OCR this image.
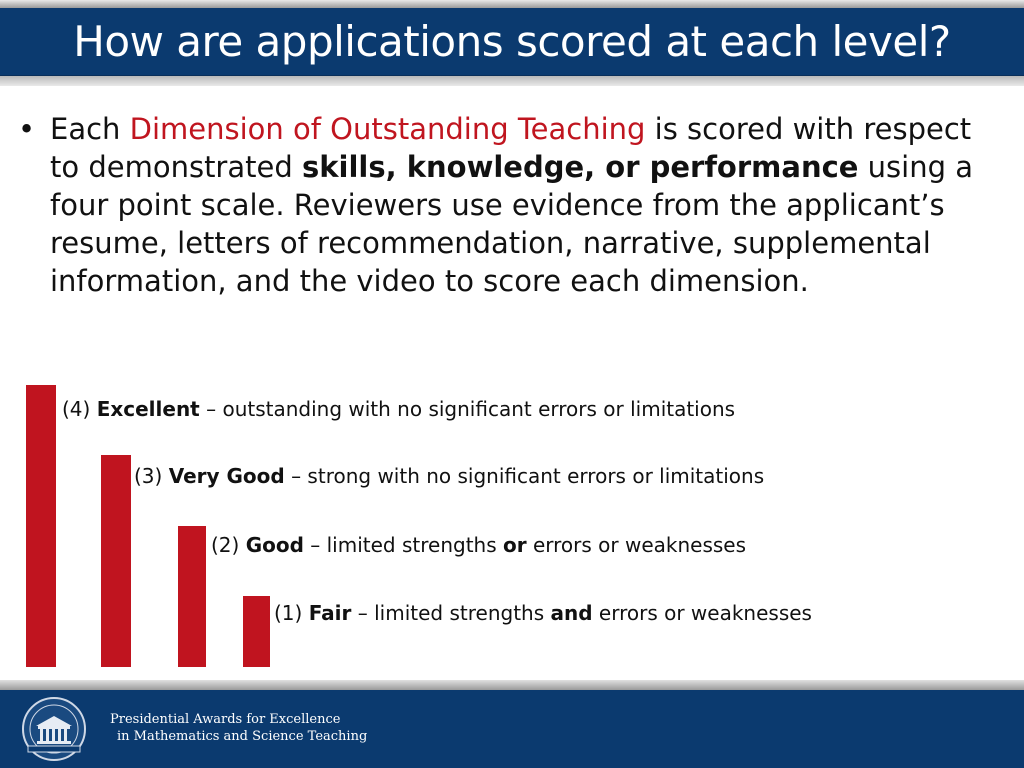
How are applications scored at each level?
• Each Dimension of Outstanding Teaching is scored with respect to demonstrated skills, knowledge, or performance using a four point scale. Reviewers use evidence from the applicant’s resume, letters of recommendation, narrative, supplemental information, and the video to score each dimension.
(4) Excellent – outstanding with no significant errors or limitations
(3) Very Good – strong with no significant errors or limitations
(2) Good – limited strengths or errors or weaknesses
(1) Fair – limited strengths and errors or weaknesses
Presidential Awards for Excellence
in Mathematics and Science Teaching
